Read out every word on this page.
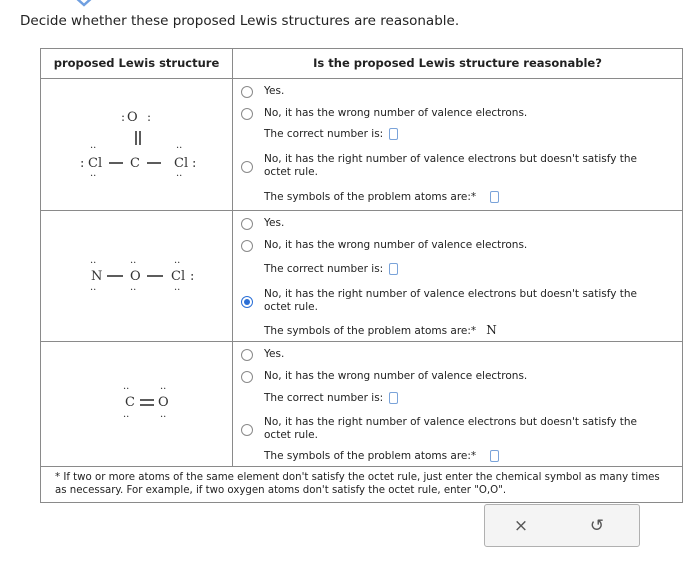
Decide whether these proposed Lewis structures are reasonable.
proposed Lewis structure	Is the proposed Lewis structure reasonable?
: :
O
··
··
: Cl C
··
··
Cl :
Yes.
No, it has the wrong number of valence electrons.
The correct number is:
No, it has the right number of valence electrons but doesn't satisfy the octet rule.
The symbols of the problem atoms are:*
··
··
N
··
··
O
··
··
Cl :
Yes.
No, it has the wrong number of valence electrons.
The correct number is:
No, it has the right number of valence electrons but doesn't satisfy the octet rule.
The symbols of the problem atoms are:* N
··
··
C
··
··
O
Yes.
No, it has the wrong number of valence electrons.
The correct number is:
No, it has the right number of valence electrons but doesn't satisfy the octet rule.
The symbols of the problem atoms are:*
* If two or more atoms of the same element don't satisfy the octet rule, just enter the chemical symbol as many times as necessary. For example, if two oxygen atoms don't satisfy the octet rule, enter "O,O".
×	↺
